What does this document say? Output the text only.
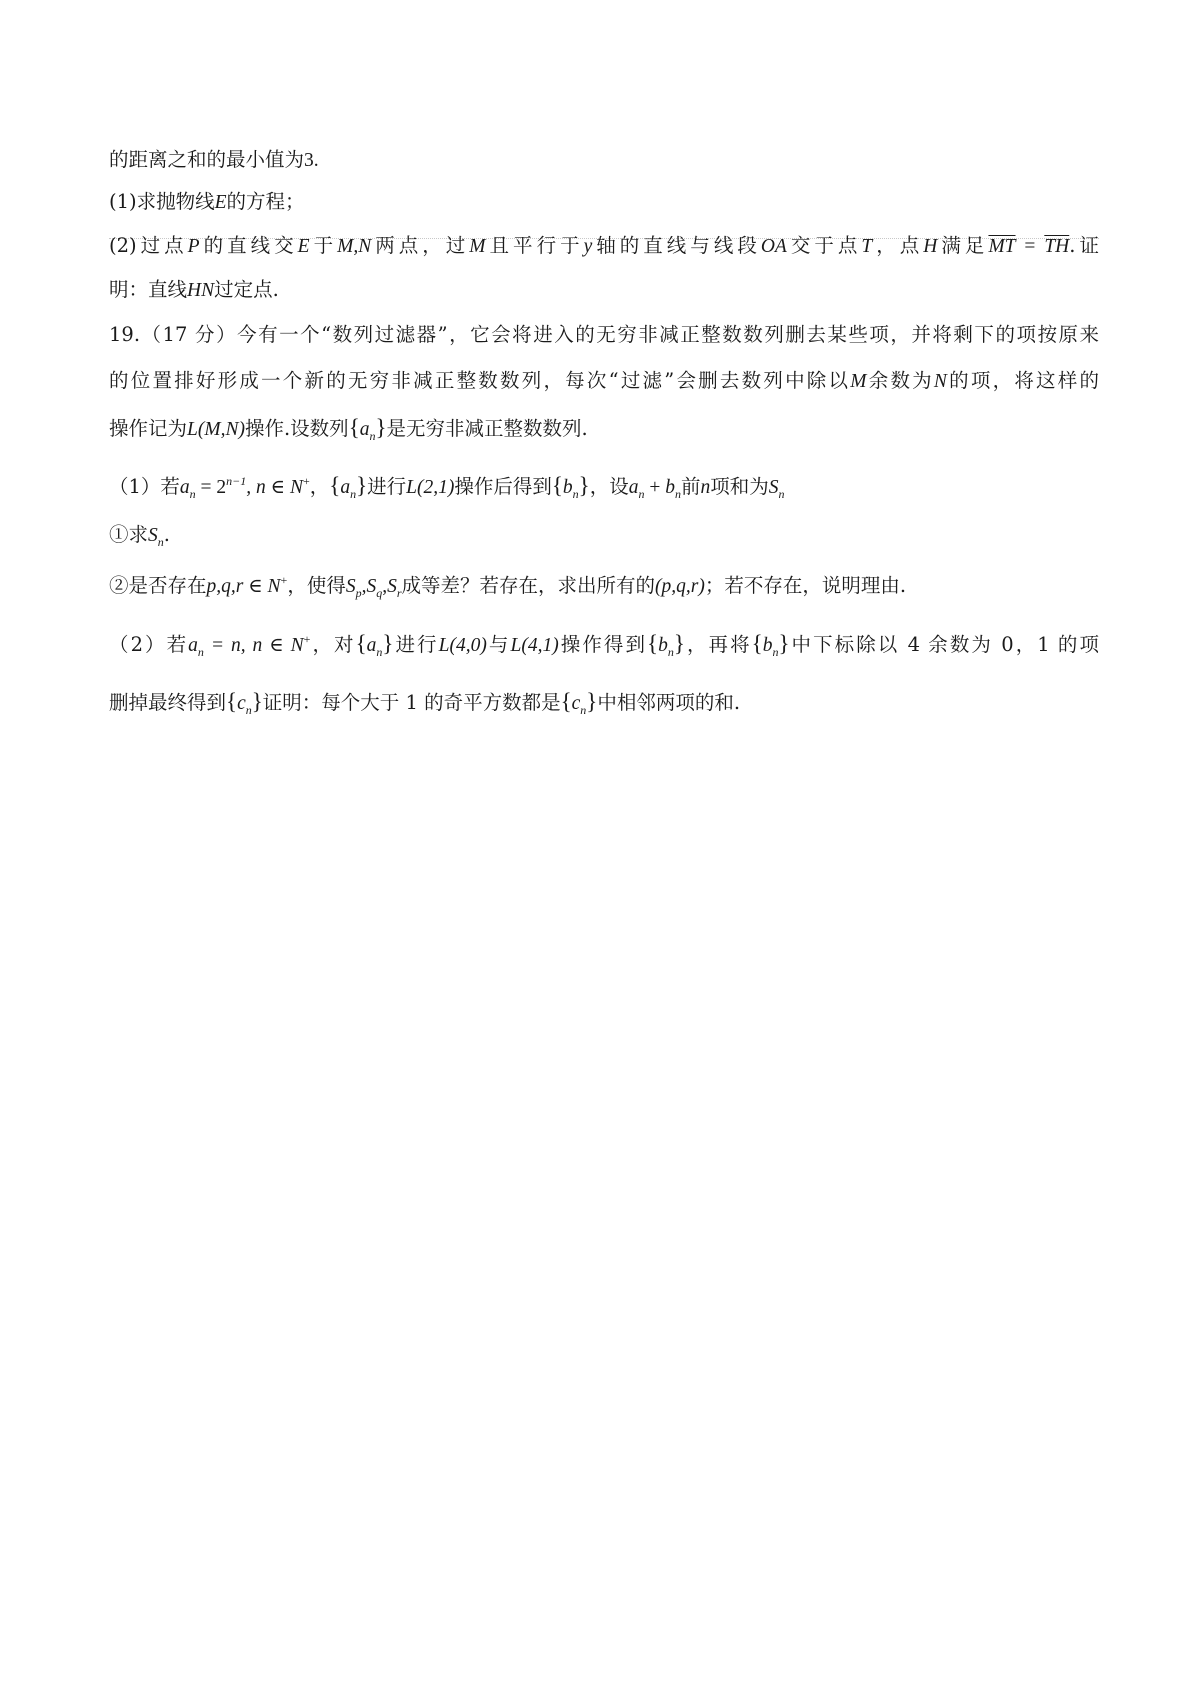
的距离之和的最小值为3.
(1)求抛物线E的方程；
(2)过点P的直线交E于M,N两点，过M且平行于y轴的直线与线段OA交于点T，点H满足$\overline{MT} = \overline{TH}$.证
明：直线HN过定点.
19.（17 分）今有一个“数列过滤器”，它会将进入的无穷非减正整数数列删去某些项，并将剩下的项按原来
的位置排好形成一个新的无穷非减正整数数列，每次“过滤”会删去数列中除以M余数为N的项，将这样的
操作记为L(M,N)操作.设数列$\{a_n\}$是无穷非减正整数数列.
（1）若$a_n = 2^{n-1}$, n ∈ N+，$\{a_n\}$进行L(2,1)操作后得到$\{b_n\}$，设$a_n + b_n$前n项和为$S_n$
①求$S_n$.
②是否存在p,q,r ∈ N+，使得$S_p,S_q,S_r$成等差？若存在，求出所有的(p,q,r)；若不存在，说明理由.
（2）若$a_n = n$, n ∈ N+，对$\{a_n\}$进行L(4,0)与L(4,1)操作得到$\{b_n\}$，再将$\{b_n\}$中下标除以 4 余数为 0，1 的项
删掉最终得到$\{c_n\}$证明：每个大于 1 的奇平方数都是$\{c_n\}$中相邻两项的和.
